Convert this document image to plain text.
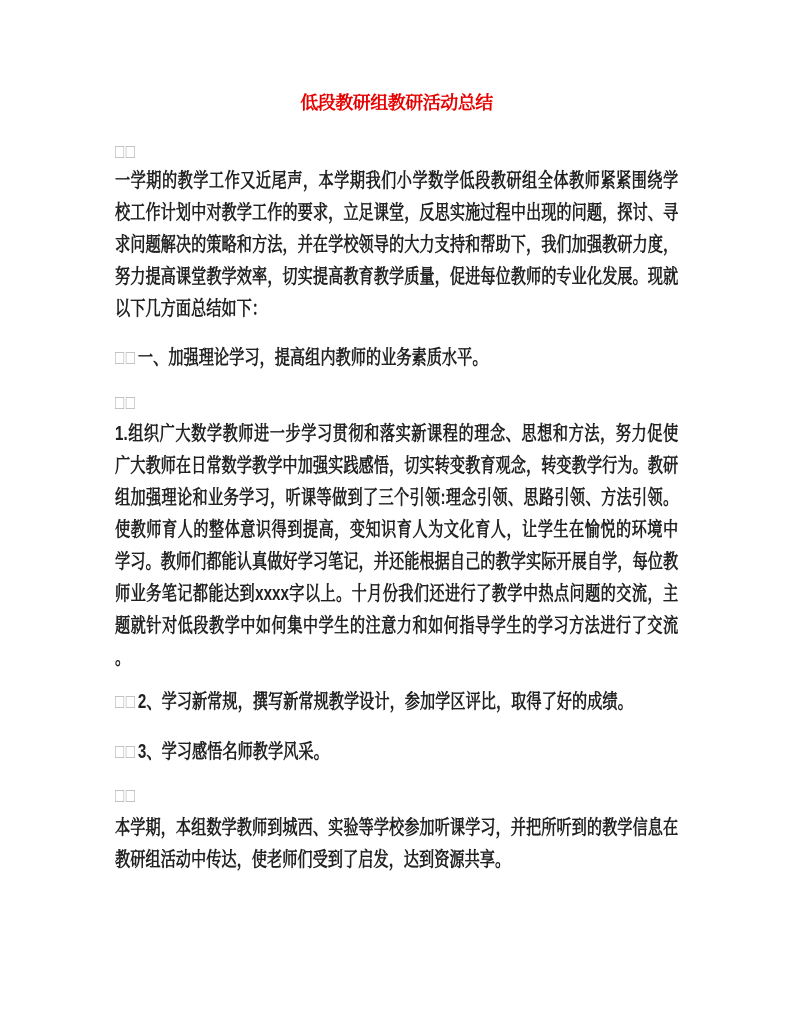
低段教研组教研活动总结
□□
一学期的教学工作又近尾声，本学期我们小学数学低段教研组全体教师紧紧围绕学
校工作计划中对教学工作的要求，立足课堂，反思实施过程中出现的问题，探讨、寻
求问题解决的策略和方法，并在学校领导的大力支持和帮助下，我们加强教研力度，
努力提高课堂教学效率，切实提高教育教学质量，促进每位教师的专业化发展。现就
以下几方面总结如下：
□□一、加强理论学习，提高组内教师的业务素质水平。
□□
1.组织广大数学教师进一步学习贯彻和落实新课程的理念、思想和方法，努力促使
广大教师在日常数学教学中加强实践感悟，切实转变教育观念，转变教学行为。教研
组加强理论和业务学习，听课等做到了三个引领:理念引领、思路引领、方法引领。
使教师育人的整体意识得到提高，变知识育人为文化育人，让学生在愉悦的环境中
学习。教师们都能认真做好学习笔记，并还能根据自己的教学实际开展自学，每位教
师业务笔记都能达到xxxx字以上。十月份我们还进行了教学中热点问题的交流，主
题就针对低段教学中如何集中学生的注意力和如何指导学生的学习方法进行了交流
。
□□2、学习新常规，撰写新常规教学设计，参加学区评比，取得了好的成绩。
□□3、学习感悟名师教学风采。
□□
本学期，本组数学教师到城西、实验等学校参加听课学习，并把所听到的教学信息在
教研组活动中传达，使老师们受到了启发，达到资源共享。
